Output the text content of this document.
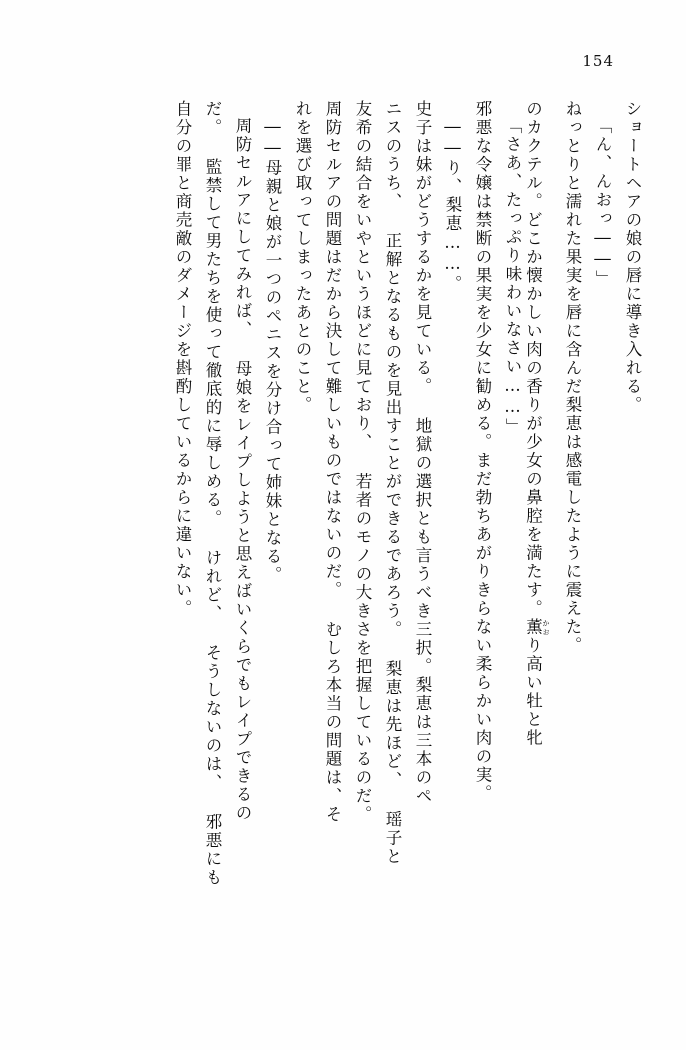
154
ショートヘアの娘の唇に導き入れる。
「ん、んおっ――」
ねっとりと濡れた果実を唇に含んだ梨恵は感電したように震えた。
のカクテル。どこか懐かしい肉の香りが少女の鼻腔を満たす。薫 かおり高い牡と牝
「さあ、たっぷり味わいなさい……」
邪悪な令嬢は禁断の果実を少女に勧める。まだ勃ちあがりきらない柔らかい肉の実。
――り、梨恵……。
史子は妹がどうするかを見ている。 地獄の選択とも言うべき三択。梨恵は三本のペ
ニスのうち、 正解となるものを見出すことができるであろう。 梨恵は先ほど、 瑶子と
友希の結合をいやというほどに見ており、 若者のモノの大きさを把握しているのだ。
周防セルアの問題はだから決して難しいものではないのだ。 むしろ本当の問題は、そ
れを選び取ってしまったあとのこと。
――母親と娘が一つのペニスを分け合って姉妹となる。
周防セルアにしてみれば、 母娘をレイプしようと思えばいくらでもレイプできるの
だ。 監禁して男たちを使って徹底的に辱しめる。 けれど、 そうしないのは、 邪悪にも
自分の罪と商売敵のダメージを斟酌しているからに違いない。
